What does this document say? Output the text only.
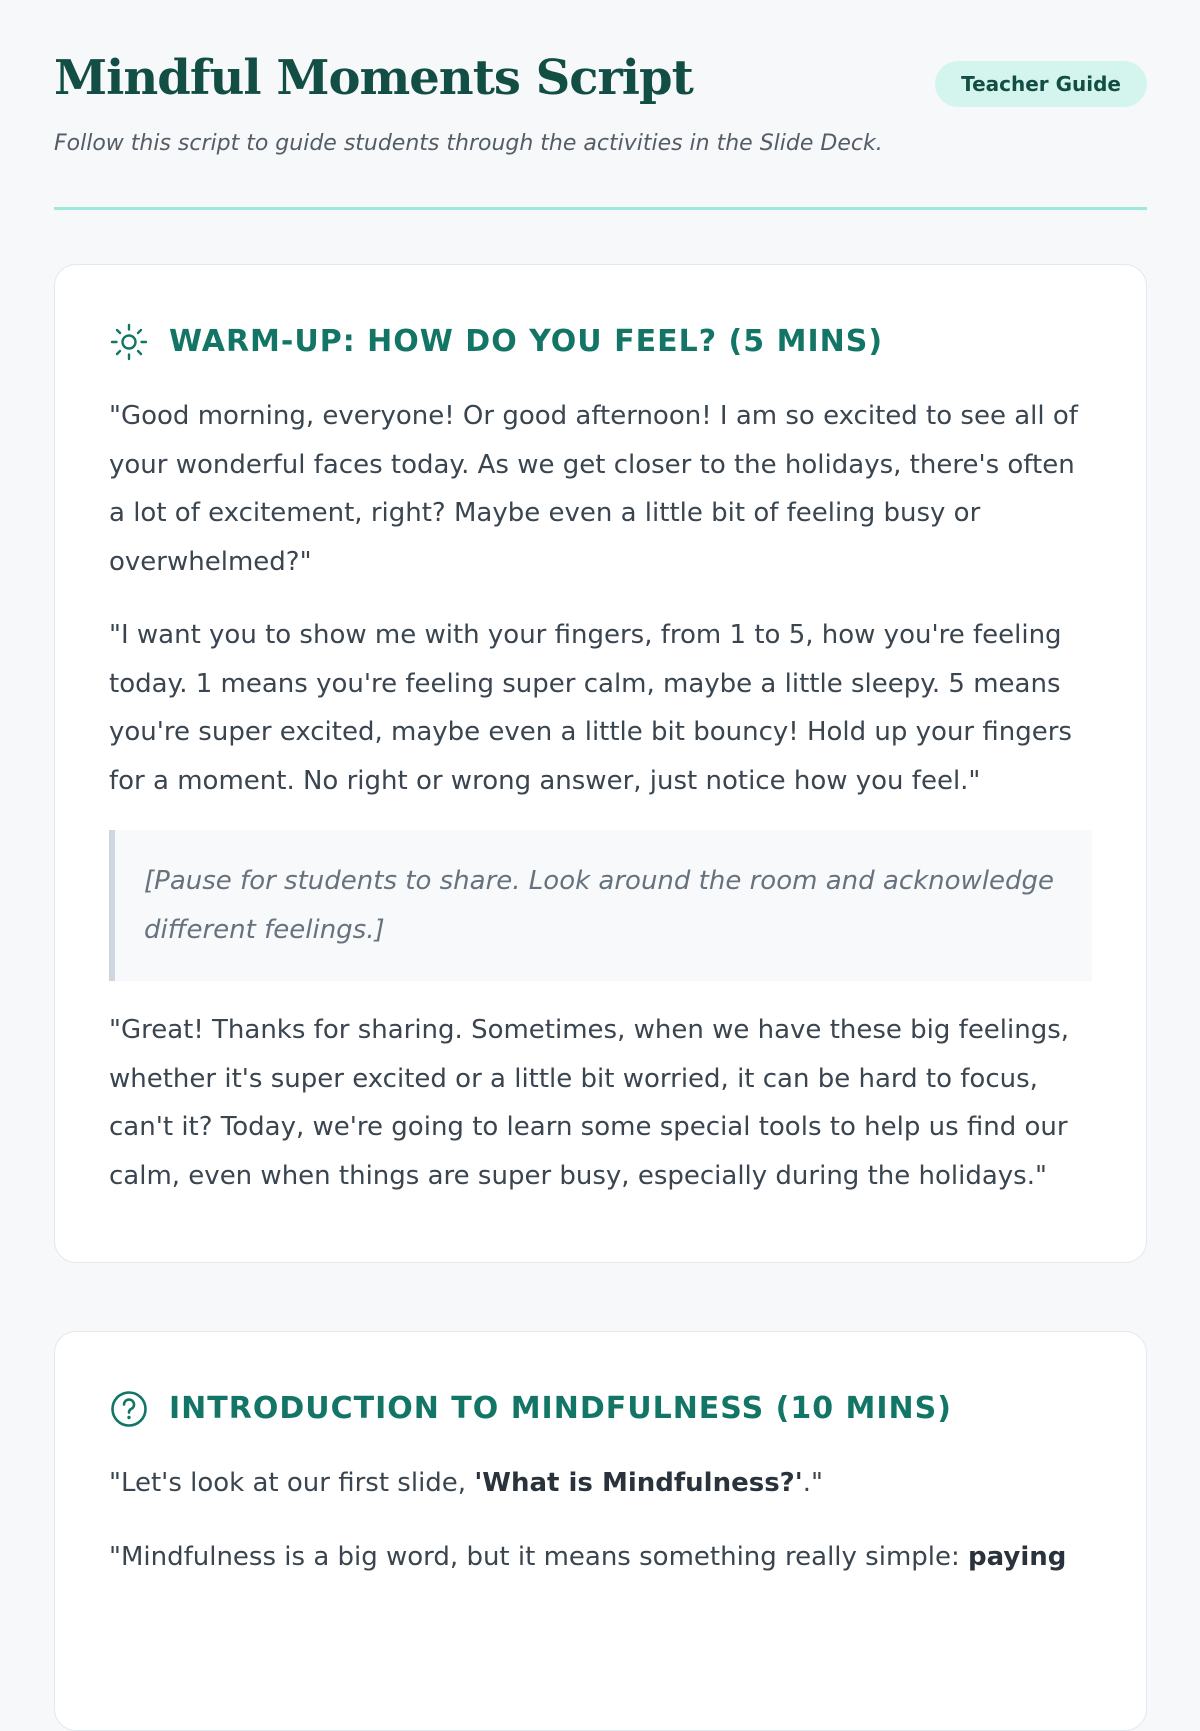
Mindful Moments Script	Teacher Guide

Follow this script to guide students through the activities in the Slide Deck.

WARM-UP: HOW DO YOU FEEL? (5 MINS)

"Good morning, everyone! Or good afternoon! I am so excited to see all of your wonderful faces today. As we get closer to the holidays, there's often a lot of excitement, right? Maybe even a little bit of feeling busy or overwhelmed?"

"I want you to show me with your fingers, from 1 to 5, how you're feeling today. 1 means you're feeling super calm, maybe a little sleepy. 5 means you're super excited, maybe even a little bit bouncy! Hold up your fingers for a moment. No right or wrong answer, just notice how you feel."

[Pause for students to share. Look around the room and acknowledge different feelings.]

"Great! Thanks for sharing. Sometimes, when we have these big feelings, whether it's super excited or a little bit worried, it can be hard to focus, can't it? Today, we're going to learn some special tools to help us find our calm, even when things are super busy, especially during the holidays."

INTRODUCTION TO MINDFULNESS (10 MINS)

"Let's look at our first slide, 'What is Mindfulness?'."

"Mindfulness is a big word, but it means something really simple: paying
